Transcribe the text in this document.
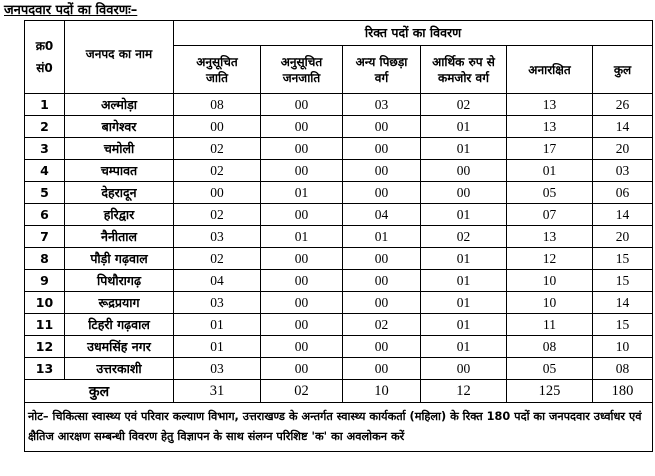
जनपदवार पदों का विवरणः–
क्र0 सं0	जनपद का नाम	रिक्त पदों का विवरण					
		अनुसूचित जाति	अनुसूचित जनजाति	अन्य पिछड़ा वर्ग	आर्थिक रुप से कमजोर वर्ग	अनारक्षित	कुल
1	अल्मोड़ा	08	00	03	02	13	26
2	बागेश्वर	00	00	00	01	13	14
3	चमोली	02	00	00	01	17	20
4	चम्पावत	02	00	00	00	01	03
5	देहरादून	00	01	00	00	05	06
6	हरिद्वार	02	00	04	01	07	14
7	नैनीताल	03	01	01	02	13	20
8	पौड़ी गढ़वाल	02	00	00	01	12	15
9	पिथौरागढ़	04	00	00	01	10	15
10	रूद्रप्रयाग	03	00	00	01	10	14
11	टिहरी गढ़वाल	01	00	02	01	11	15
12	उधमसिंह नगर	01	00	00	01	08	10
13	उत्तरकाशी	03	00	00	00	05	08
कुल		31	02	10	12	125	180
नोट– चिकित्सा स्वास्थ्य एवं परिवार कल्याण विभाग, उत्तराखण्ड के अन्तर्गत स्वास्थ्य कार्यकर्ता (महिला) के रिक्त 180 पदों का जनपदवार उर्ध्वाधर एवं क्षैतिज आरक्षण सम्बन्धी विवरण हेतु विज्ञापन के साथ संलग्न परिशिष्ट 'क' का अवलोकन करें							
